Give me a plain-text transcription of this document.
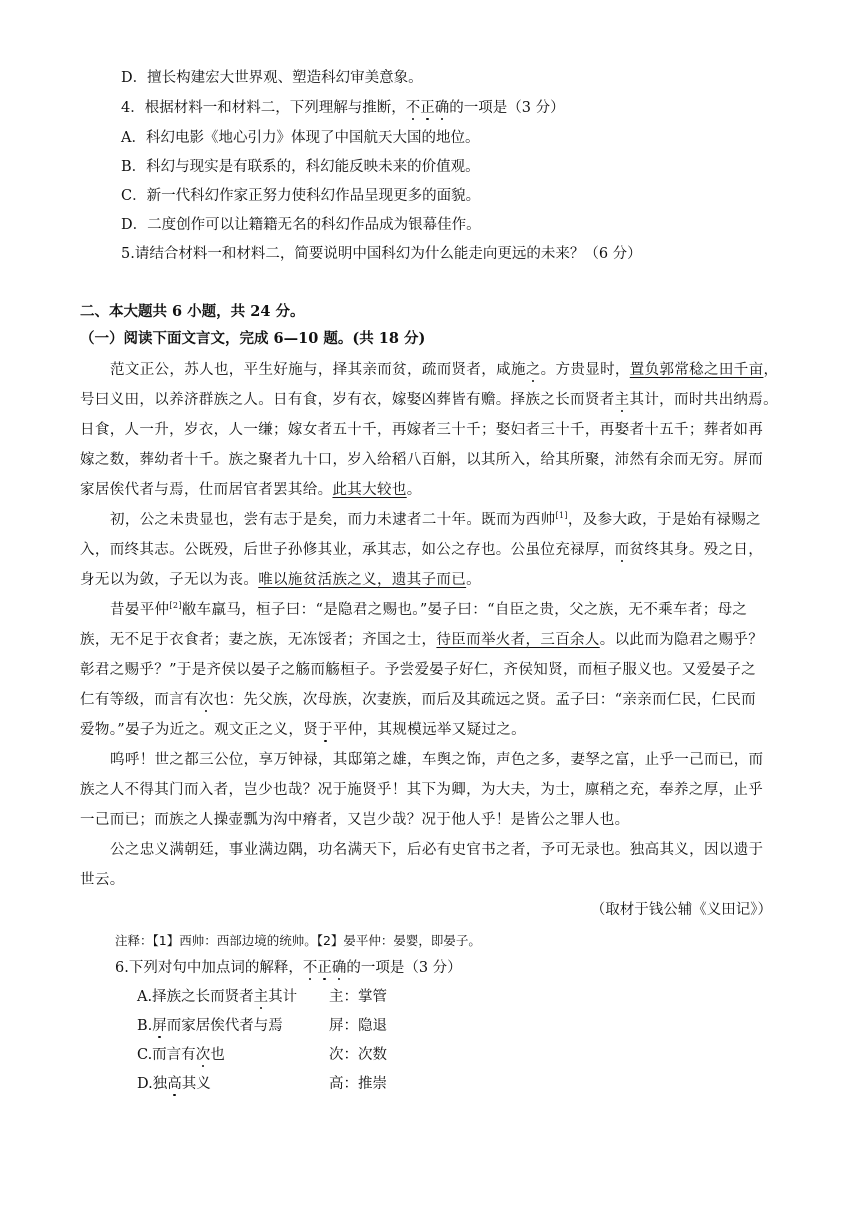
D．擅长构建宏大世界观、塑造科幻审美意象。
4．根据材料一和材料二，下列理解与推断，不正确的一项是（3 分）
A．科幻电影《地心引力》体现了中国航天大国的地位。
B．科幻与现实是有联系的，科幻能反映未来的价值观。
C．新一代科幻作家正努力使科幻作品呈现更多的面貌。
D．二度创作可以让籍籍无名的科幻作品成为银幕佳作。
5.请结合材料一和材料二，简要说明中国科幻为什么能走向更远的未来？（6 分）
二、本大题共 6 小题，共 24 分。
（一）阅读下面文言文，完成 6—10 题。(共 18 分)
范文正公，苏人也，平生好施与，择其亲而贫，疏而贤者，咸施之。方贵显时，置负郭常稔之田千亩，
号曰义田，以养济群族之人。日有食，岁有衣，嫁娶凶葬皆有赡。择族之长而贤者主其计，而时共出纳焉。
日食，人一升，岁衣，人一缣；嫁女者五十千，再嫁者三十千；娶妇者三十千，再娶者十五千；葬者如再
嫁之数，葬幼者十千。族之聚者九十口，岁入给稻八百斛，以其所入，给其所聚，沛然有余而无穷。屏而
家居俟代者与焉，仕而居官者罢其给。此其大较也。
初，公之未贵显也，尝有志于是矣，而力未逮者二十年。既而为西帅[1]，及参大政，于是始有禄赐之
入，而终其志。公既殁，后世子孙修其业，承其志，如公之存也。公虽位充禄厚，而贫终其身。殁之日，
身无以为敛，子无以为丧。唯以施贫活族之义，遗其子而已。
昔晏平仲[2]敝车羸马，桓子曰：“是隐君之赐也。”晏子曰：“自臣之贵，父之族，无不乘车者；母之
族，无不足于衣食者；妻之族，无冻馁者；齐国之士，待臣而举火者，三百余人。以此而为隐君之赐乎？
彰君之赐乎？”于是齐侯以晏子之觞而觞桓子。予尝爱晏子好仁，齐侯知贤，而桓子服义也。又爱晏子之
仁有等级，而言有次也：先父族，次母族，次妻族，而后及其疏远之贤。孟子曰：“亲亲而仁民，仁民而
爱物。”晏子为近之。观文正之义，贤于平仲，其规模远举又疑过之。
呜呼！世之都三公位，享万钟禄，其邸第之雄，车舆之饰，声色之多，妻孥之富，止乎一己而已，而
族之人不得其门而入者，岂少也哉？况于施贤乎！其下为卿，为大夫，为士，廪稍之充，奉养之厚，止乎
一己而已；而族之人操壶瓢为沟中瘠者，又岂少哉？况于他人乎！是皆公之罪人也。
公之忠义满朝廷，事业满边隅，功名满天下，后必有史官书之者，予可无录也。独高其义，因以遗于
世云。
（取材于钱公辅《义田记》）
注释：【1】西帅：西部边境的统帅。【2】晏平仲：晏婴，即晏子。
6.下列对句中加点词的解释，不正确的一项是（3 分）
A.择族之长而贤者主其计 主：掌管
B.屏而家居俟代者与焉	屏：隐退
C.而言有次也	次：次数
D.独高其义	高：推崇
